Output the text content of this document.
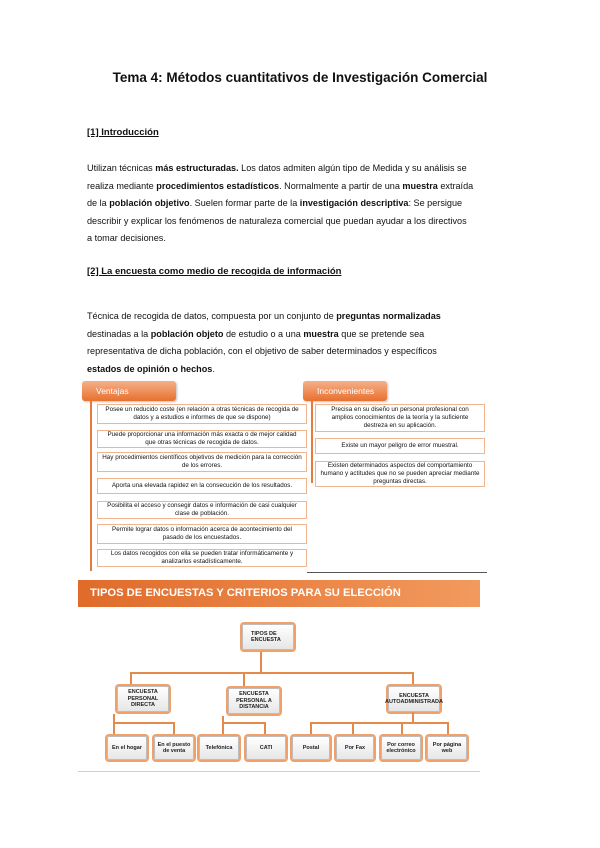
Tema 4: Métodos cuantitativos de Investigación Comercial
[1] Introducción
Utilizan técnicas más estructuradas. Los datos admiten algún tipo de Medida y su análisis se
realiza mediante procedimientos estadísticos. Normalmente a partir de una muestra extraída
de la población objetivo. Suelen formar parte de la investigación descriptiva: Se persigue
describir y explicar los fenómenos de naturaleza comercial que puedan ayudar a los directivos
a tomar decisiones.
[2] La encuesta como medio de recogida de información
Técnica de recogida de datos, compuesta por un conjunto de preguntas normalizadas
destinadas a la población objeto de estudio o a una muestra que se pretende sea
representativa de dicha población, con el objetivo de saber determinados y específicos
estados de opinión o hechos.
Ventajas
Posee un reducido coste (en relación a otras técnicas de recogida de datos y a estudios e informes de que se dispone)
Puede proporcionar una información más exacta o de mejor calidad que otras técnicas de recogida de datos.
Hay procedimientos científicos objetivos de medición para la corrección de los errores.
Aporta una elevada rapidez en la consecución de los resultados.
Posibilita el acceso y consegir datos e información de casi cualquier clase de población.
Permite lograr datos o información acerca de acontecimiento del pasado de los encuestados.
Los datos recogidos con ella se pueden tratar informáticamente y analizarlos estadísticamente.
Inconvenientes
Precisa en su diseño un personal profesional con amplios conocimientos de la teoría y la suficiente destreza en su aplicación.
Existe un mayor peligro de error muestral.
Existen determinados aspectos del comportamiento humano y actitudes que no se pueden apreciar mediante preguntas directas.
TIPOS DE ENCUESTAS Y CRITERIOS PARA SU ELECCIÓN
TIPOS DE ENCUESTA
ENCUESTA PERSONAL DIRECTA
ENCUESTA PERSONAL A DISTANCIA
ENCUESTA AUTOADMINISTRADA
En el hogar
En el puesto de venta
Telefónica	CATI	Postal	Por Fax
Por correo electrónico
Por página web
